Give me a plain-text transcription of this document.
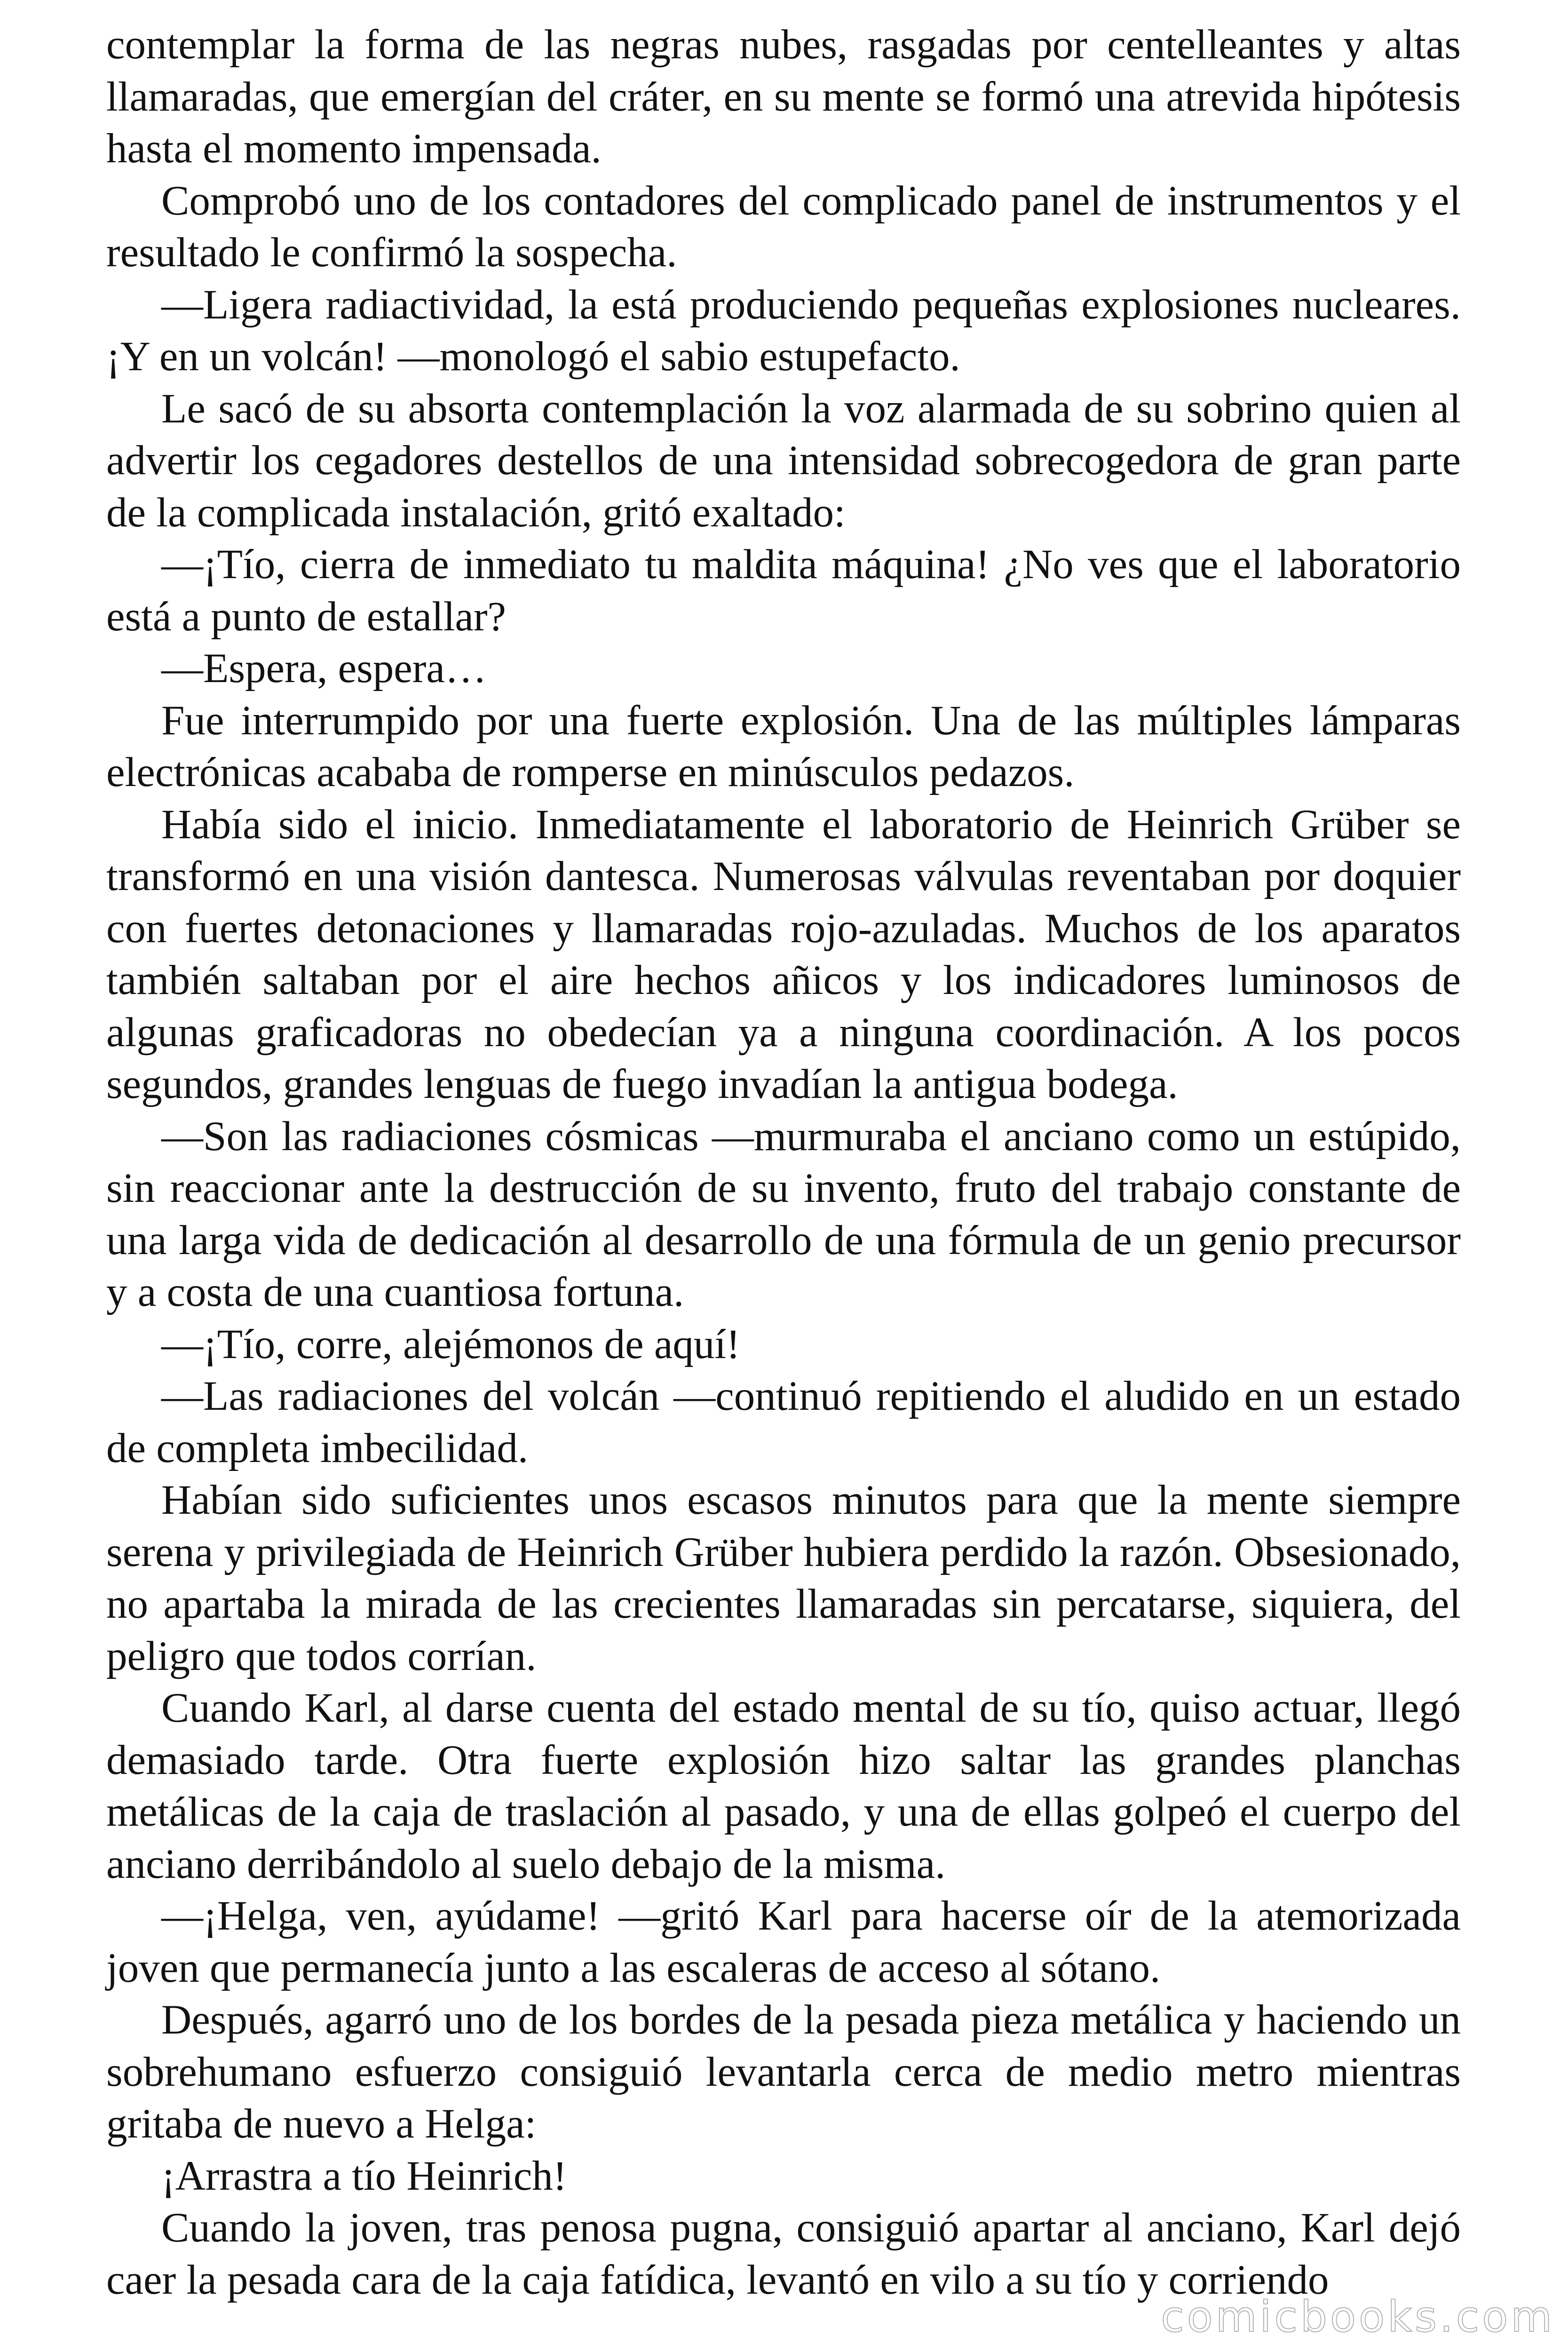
contemplar la forma de las negras nubes, rasgadas por centelleantes y altas llamaradas, que emergían del cráter, en su mente se formó una atrevida hipótesis hasta el momento impensada.

Comprobó uno de los contadores del complicado panel de instrumentos y el resultado le confirmó la sospecha.

—Ligera radiactividad, la está produciendo pequeñas explosiones nucleares. ¡Y en un volcán! —monologó el sabio estupefacto.

Le sacó de su absorta contemplación la voz alarmada de su sobrino quien al advertir los cegadores destellos de una intensidad sobrecogedora de gran parte de la complicada instalación, gritó exaltado:

—¡Tío, cierra de inmediato tu maldita máquina! ¿No ves que el laboratorio está a punto de estallar?

—Espera, espera…

Fue interrumpido por una fuerte explosión. Una de las múltiples lámparas electrónicas acababa de romperse en minúsculos pedazos.

Había sido el inicio. Inmediatamente el laboratorio de Heinrich Grüber se transformó en una visión dantesca. Numerosas válvulas reventaban por doquier con fuertes detonaciones y llamaradas rojo-azuladas. Muchos de los aparatos también saltaban por el aire hechos añicos y los indicadores luminosos de algunas graficadoras no obedecían ya a ninguna coordinación. A los pocos segundos, grandes lenguas de fuego invadían la antigua bodega.

—Son las radiaciones cósmicas —murmuraba el anciano como un estúpido, sin reaccionar ante la destrucción de su invento, fruto del trabajo constante de una larga vida de dedicación al desarrollo de una fórmula de un genio precursor y a costa de una cuantiosa fortuna.

—¡Tío, corre, alejémonos de aquí!

—Las radiaciones del volcán —continuó repitiendo el aludido en un estado de completa imbecilidad.

Habían sido suficientes unos escasos minutos para que la mente siempre serena y privilegiada de Heinrich Grüber hubiera perdido la razón. Obsesionado, no apartaba la mirada de las crecientes llamaradas sin percatarse, siquiera, del peligro que todos corrían.

Cuando Karl, al darse cuenta del estado mental de su tío, quiso actuar, llegó demasiado tarde. Otra fuerte explosión hizo saltar las grandes planchas metálicas de la caja de traslación al pasado, y una de ellas golpeó el cuerpo del anciano derribándolo al suelo debajo de la misma.

—¡Helga, ven, ayúdame! —gritó Karl para hacerse oír de la atemorizada joven que permanecía junto a las escaleras de acceso al sótano.

Después, agarró uno de los bordes de la pesada pieza metálica y haciendo un sobrehumano esfuerzo consiguió levantarla cerca de medio metro mientras gritaba de nuevo a Helga:

¡Arrastra a tío Heinrich!

Cuando la joven, tras penosa pugna, consiguió apartar al anciano, Karl dejó caer la pesada cara de la caja fatídica, levantó en vilo a su tío y corriendo

comicbooks.com
